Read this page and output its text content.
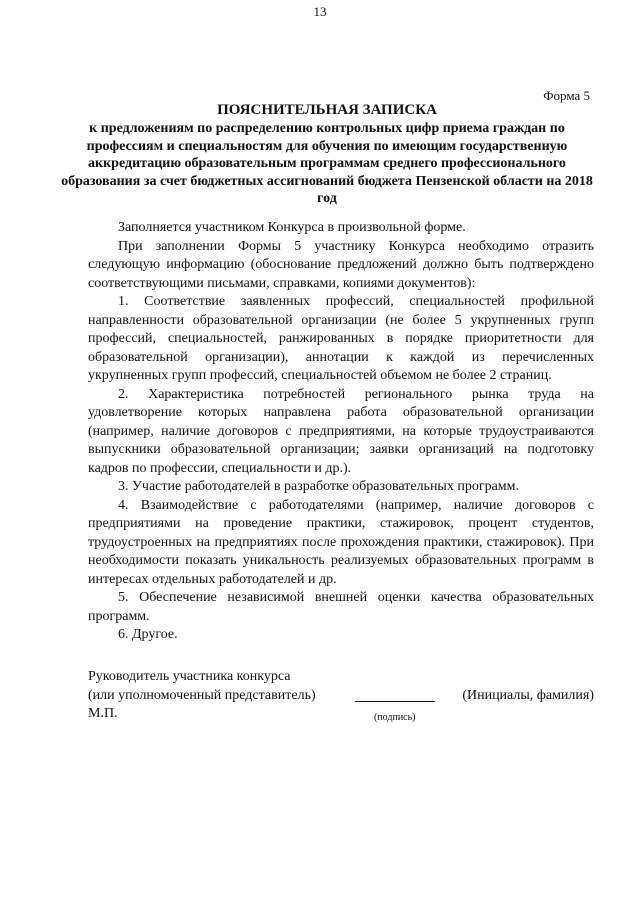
13
Форма 5
ПОЯСНИТЕЛЬНАЯ ЗАПИСКА
к предложениям по распределению контрольных цифр приема граждан по профессиям и специальностям для обучения по имеющим государственную аккредитацию образовательным программам среднего профессионального образования за счет бюджетных ассигнований бюджета Пензенской области на 2018 год

Заполняется участником Конкурса в произвольной форме.

При заполнении Формы 5 участнику Конкурса необходимо отразить следующую информацию (обоснование предложений должно быть подтверждено соответствующими письмами, справками, копиями документов):

1. Соответствие заявленных профессий, специальностей профильной направленности образовательной организации (не более 5 укрупненных групп профессий, специальностей, ранжированных в порядке приоритетности для образовательной организации), аннотации к каждой из перечисленных укрупненных групп профессий, специальностей объемом не более 2 страниц.

2. Характеристика потребностей регионального рынка труда на удовлетворение которых направлена работа образовательной организации (например, наличие договоров с предприятиями, на которые трудоустраиваются выпускники образовательной организации; заявки организаций на подготовку кадров по профессии, специальности и др.).

3. Участие работодателей в разработке образовательных программ.

4. Взаимодействие с работодателями (например, наличие договоров с предприятиями на проведение практики, стажировок, процент студентов, трудоустроенных на предприятиях после прохождения практики, стажировок). При необходимости показать уникальность реализуемых образовательных программ в интересах отдельных работодателей и др.

5. Обеспечение независимой внешней оценки качества образовательных программ.

6. Другое.

Руководитель участника конкурса
(или уполномоченный представитель)	(Инициалы, фамилия)
М.П.	(подпись)
